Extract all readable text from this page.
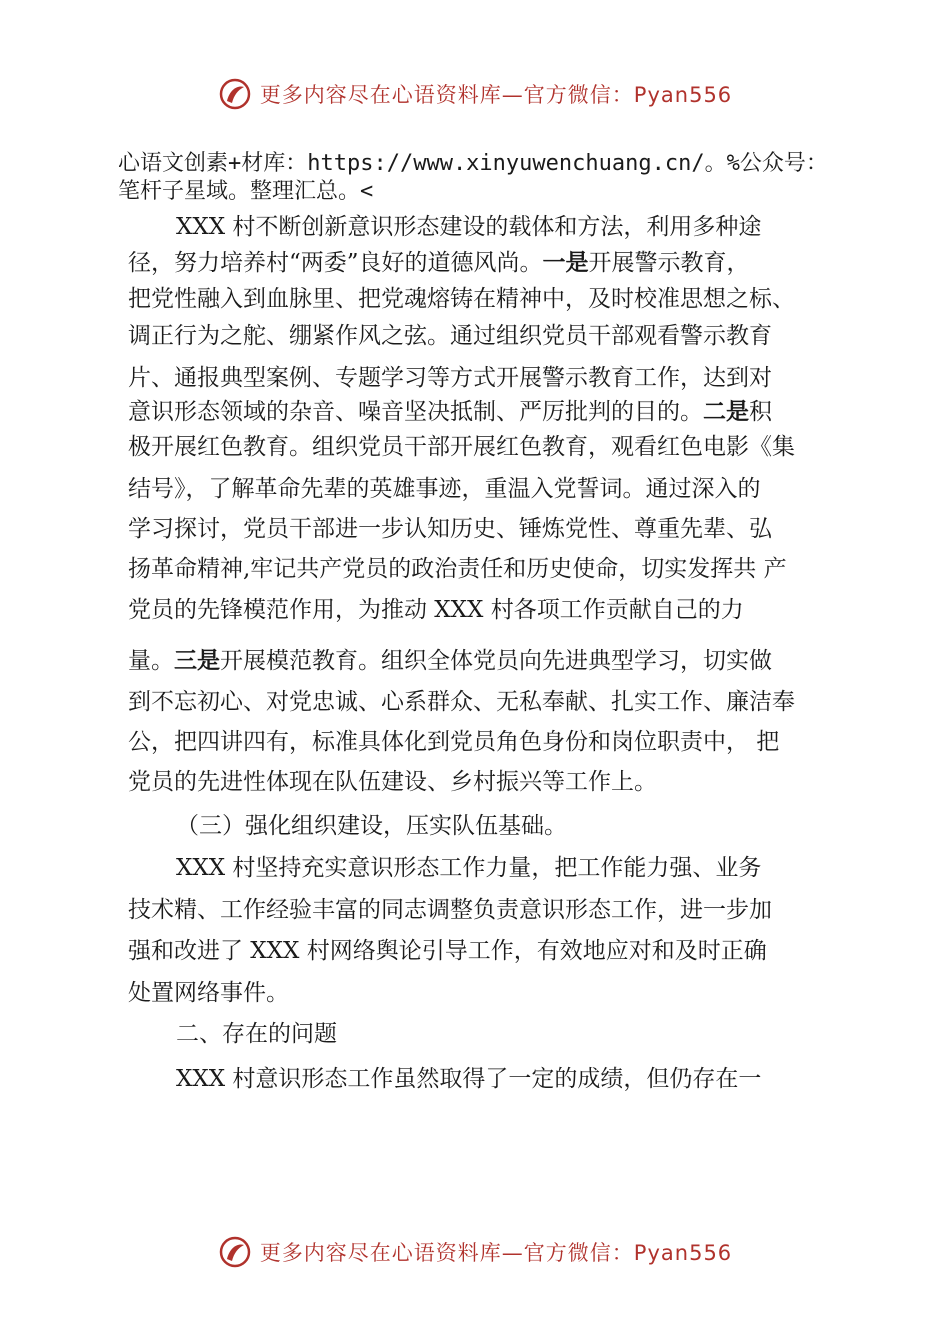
更多内容尽在心语资料库—官方微信：Pyan556
心语文创素+材库：https://www.xinyuwenchuang.cn/。%公众号：
笔杆子星域。整理汇总。<
XXX 村不断创新意识形态建设的载体和方法，利用多种途
径，努力培养村“两委”良好的道德风尚。一是开展警示教育，
把党性融入到血脉里、把党魂熔铸在精神中，及时校准思想之标、
调正行为之舵、绷紧作风之弦。通过组织党员干部观看警示教育
片、通报典型案例、专题学习等方式开展警示教育工作，达到对
意识形态领域的杂音、噪音坚决抵制、严厉批判的目的。二是积
极开展红色教育。组织党员干部开展红色教育，观看红色电影《集
结号》，了解革命先辈的英雄事迹，重温入党誓词。通过深入的
学习探讨，党员干部进一步认知历史、锤炼党性、尊重先辈、弘
扬革命精神,牢记共产党员的政治责任和历史使命，切实发挥共 产
党员的先锋模范作用，为推动 XXX 村各项工作贡献自己的力
量。三是开展模范教育。组织全体党员向先进典型学习，切实做
到不忘初心、对党忠诚、心系群众、无私奉献、扎实工作、廉洁奉
公，把四讲四有，标准具体化到党员角色身份和岗位职责中， 把
党员的先进性体现在队伍建设、乡村振兴等工作上。
（三）强化组织建设，压实队伍基础。
XXX 村坚持充实意识形态工作力量，把工作能力强、业务
技术精、工作经验丰富的同志调整负责意识形态工作，进一步加
强和改进了 XXX 村网络舆论引导工作，有效地应对和及时正确
处置网络事件。
二、存在的问题
XXX 村意识形态工作虽然取得了一定的成绩，但仍存在一
更多内容尽在心语资料库—官方微信：Pyan556
